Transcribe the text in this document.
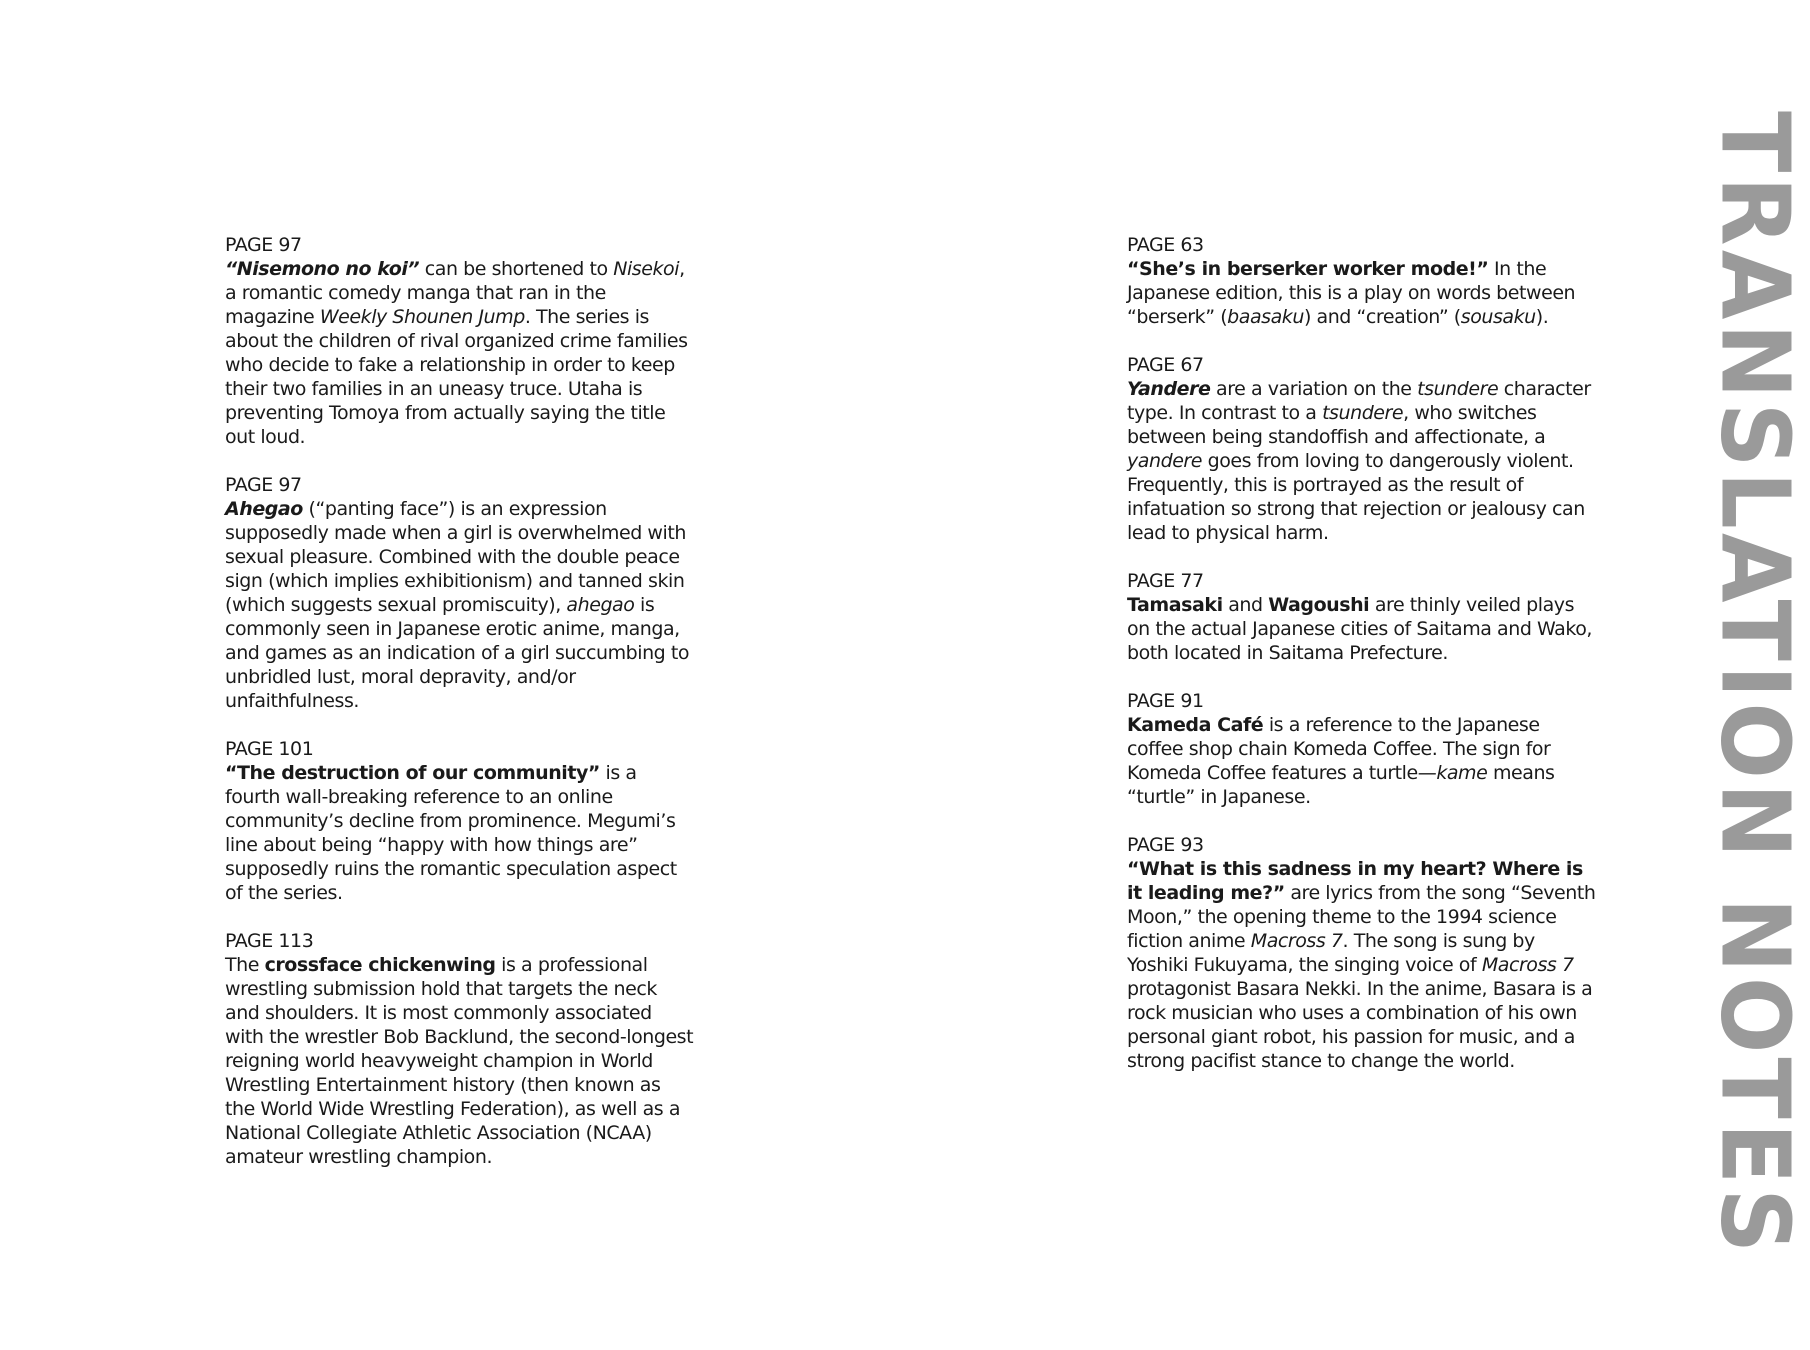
PAGE 97
“Nisemono no koi” can be shortened to Nisekoi, a romantic comedy manga that ran in the magazine Weekly Shounen Jump. The series is about the children of rival organized crime families who decide to fake a relationship in order to keep their two families in an uneasy truce. Utaha is preventing Tomoya from actually saying the title out loud.
PAGE 97
Ahegao (“panting face”) is an expression supposedly made when a girl is overwhelmed with sexual pleasure. Combined with the double peace sign (which implies exhibitionism) and tanned skin (which suggests sexual promiscuity), ahegao is commonly seen in Japanese erotic anime, manga, and games as an indication of a girl succumbing to unbridled lust, moral depravity, and/or unfaithfulness.
PAGE 101
“The destruction of our community” is a fourth wall-breaking reference to an online community’s decline from prominence. Megumi’s line about being “happy with how things are” supposedly ruins the romantic speculation aspect of the series.
PAGE 113
The crossface chickenwing is a professional wrestling submission hold that targets the neck and shoulders. It is most commonly associated with the wrestler Bob Backlund, the second-longest reigning world heavyweight champion in World Wrestling Entertainment history (then known as the World Wide Wrestling Federation), as well as a National Collegiate Athletic Association (NCAA) amateur wrestling champion.
PAGE 63
“She’s in berserker worker mode!” In the Japanese edition, this is a play on words between “berserk” (baasaku) and “creation” (sousaku).
PAGE 67
Yandere are a variation on the tsundere character type. In contrast to a tsundere, who switches between being standoffish and affectionate, a yandere goes from loving to dangerously violent. Frequently, this is portrayed as the result of infatuation so strong that rejection or jealousy can lead to physical harm.
PAGE 77
Tamasaki and Wagoushi are thinly veiled plays on the actual Japanese cities of Saitama and Wako, both located in Saitama Prefecture.
PAGE 91
Kameda Café is a reference to the Japanese coffee shop chain Komeda Coffee. The sign for Komeda Coffee features a turtle—kame means “turtle” in Japanese.
PAGE 93
“What is this sadness in my heart? Where is it leading me?” are lyrics from the song “Seventh Moon,” the opening theme to the 1994 science fiction anime Macross 7. The song is sung by Yoshiki Fukuyama, the singing voice of Macross 7 protagonist Basara Nekki. In the anime, Basara is a rock musician who uses a combination of his own personal giant robot, his passion for music, and a strong pacifist stance to change the world.	TRANSLATION NOTES
